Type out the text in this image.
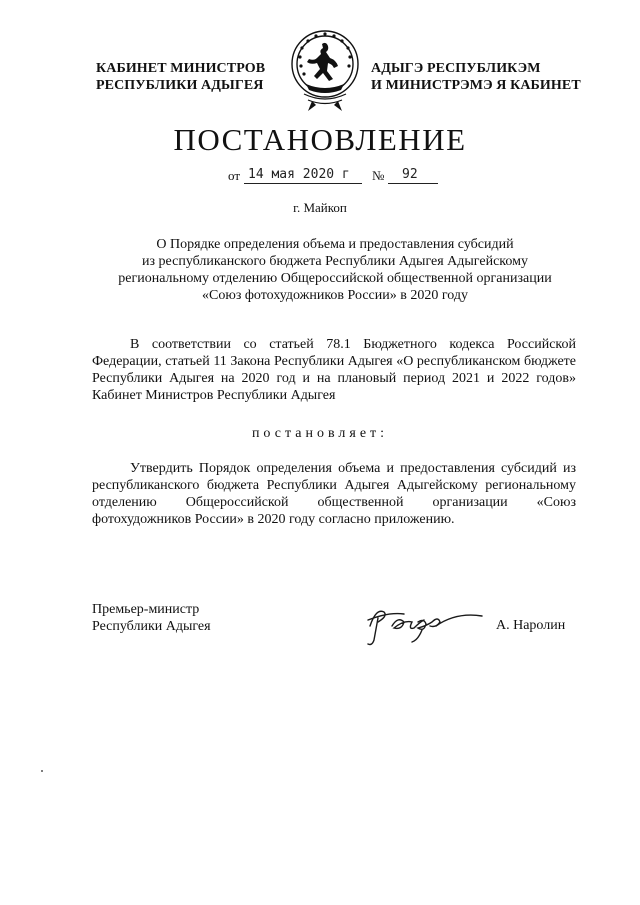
КАБИНЕТ МИНИСТРОВ
РЕСПУБЛИКИ АДЫГЕЯ
АДЫГЭ РЕСПУБЛИКЭМ
И МИНИСТРЭМЭ Я КАБИНЕТ
ПОСТАНОВЛЕНИЕ
от 14 мая 2020 г № 92
г. Майкоп
О Порядке определения объема и предоставления субсидий
из республиканского бюджета Республики Адыгея Адыгейскому
региональному отделению Общероссийской общественной организации
«Союз фотохудожников России» в 2020 году
В соответствии со статьей 78.1 Бюджетного кодекса Российской Федерации, статьей 11 Закона Республики Адыгея «О республиканском бюджете Республики Адыгея на 2020 год и на плановый период 2021 и 2022 годов» Кабинет Министров Республики Адыгея
постановляет:
Утвердить Порядок определения объема и предоставления субсидий из республиканского бюджета Республики Адыгея Адыгейскому региональному отделению Общероссийской общественной организации «Союз фотохудожников России» в 2020 году согласно приложению.
Премьер-министр
Республики Адыгея	А. Наролин
